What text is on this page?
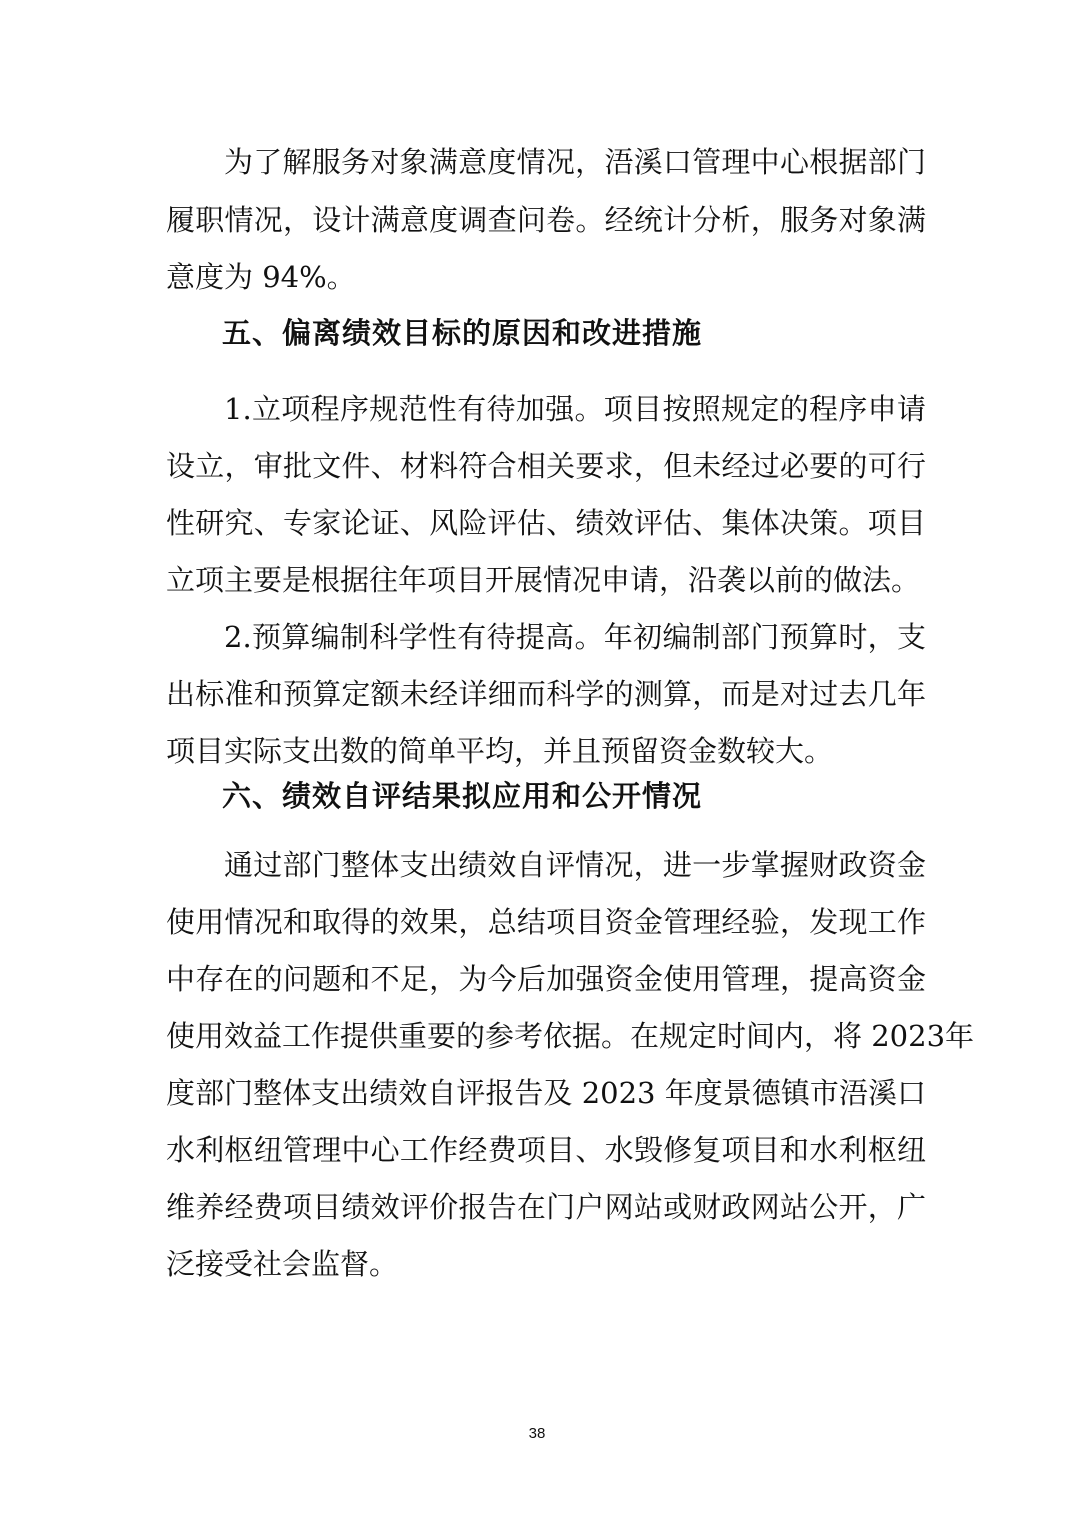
为了解服务对象满意度情况，浯溪口管理中心根据部门

履职情况，设计满意度调查问卷。经统计分析，服务对象满

意度为 94%。

五、偏离绩效目标的原因和改进措施

1.立项程序规范性有待加强。项目按照规定的程序申请

设立，审批文件、材料符合相关要求，但未经过必要的可行

性研究、专家论证、风险评估、绩效评估、集体决策。项目

立项主要是根据往年项目开展情况申请，沿袭以前的做法。

2.预算编制科学性有待提高。年初编制部门预算时，支

出标准和预算定额未经详细而科学的测算，而是对过去几年

项目实际支出数的简单平均，并且预留资金数较大。

六、绩效自评结果拟应用和公开情况

通过部门整体支出绩效自评情况，进一步掌握财政资金

使用情况和取得的效果，总结项目资金管理经验，发现工作

中存在的问题和不足，为今后加强资金使用管理，提高资金

使用效益工作提供重要的参考依据。在规定时间内，将 2023年

度部门整体支出绩效自评报告及 2023 年度景德镇市浯溪口

水利枢纽管理中心工作经费项目、水毁修复项目和水利枢纽

维养经费项目绩效评价报告在门户网站或财政网站公开，广

泛接受社会监督。

38
